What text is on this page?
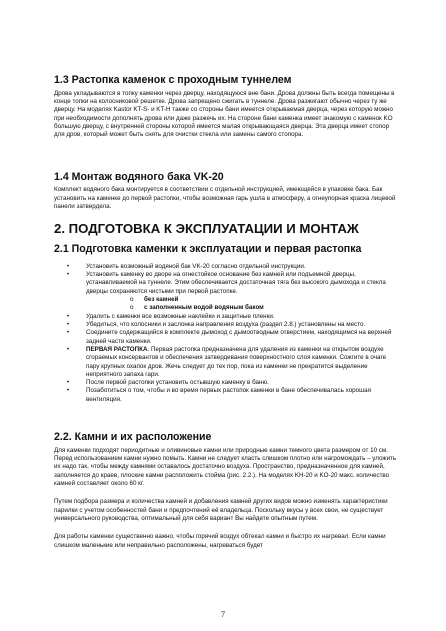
1.3 Растопка каменок с проходным туннелем

Дрова укладываются в топку каменки через дверцу, находящуюся вне бани. Дрова должны быть всегда помещены в конце топки на колосниковой решетке. Дрова запрещено сжигать в туннеле. Дрова разжигают обычно через ту же дверцу. На моделях Kastor KT-S- и KT-H также со стороны бани имеется открываемая дверца, через которую можно при необходимости дополнять дрова или даже разжечь их. На стороне бани каменка имеет знакомую с каменок KO большую дверцу, с внутренней стороны которой имеется малая открывающаяся дверца. Эта дверца имеет стопор для дров, который может быть снять для очистки стекла или замены самого стопора.

1.4 Монтаж водяного бака VK-20

Комплект водяного бака монтируется в соответствии с отдельной инструкцией, имеющейся в упаковке бака. Бак установить на каменке до первой растопки, чтобы возможная гарь ушла в атмосферу, а огнеупорная краска лицевой панели затвердела.

2. ПОДГОТОВКА К ЭКСПЛУАТАЦИИ И МОНТАЖ
2.1 Подготовка каменки к эксплуатации и первая растопка
•	Установить возможный водяной бак VK-20 согласно отдельной инструкции.
•	Установить каменку во дворе на огнестойкое основание без камней или подъемной дверцы, устанавливаемой на туннеле. Этим обеспечивается достаточная тяга без высокого дымохода и стекла дверцы сохраняются чистыми при первой растопке.
o без камней
o с заполненным водой водяным баком
•	Удалить с каменки все возможные наклейки и защитные пленки.
•	Убедиться, что колосники и заслонка направления воздуха (раздел 2.8.) установлены на место.
•	Соедините содержащийся в комплекте дымоход с дымоотводным отверстием, находящимся на верхней задней части каменки.
•	ПЕРВАЯ РАСТОПКА. Первая растопка предназначена для удаления из каменки на открытом воздухе сгораемых консервантов и обеспечения затвердевания поверхностного слоя каменки. Сожгите в очаге пару крупных охапок дров. Жечь следует до тех пор, пока из каменки не прекратится выделение неприятного запаха гари.
•	После первой растопки установить остывшую каменку в баню.
•	Позаботиться о том, чтобы и во время первых растопок каменки в бане обеспечивалась хорошая вентиляция.
2.2. Камни и их расположение

Для каменки подходят периодитные и оливиновые камни или природные камни темного цвета размером от 10 см. Перед использованием камни нужно помыть. Камни не следует класть слишком плотно или нагромождать – уложить их надо так, чтобы между камнями оставалось достаточно воздуха. Пространство, предназначенное для камней, заполняется до краев, плоские камни расположить стойма (рис. 2.2.). На моделях KH-20 и KO-20 макс. количество камней составляет около 60 кг.

Путем подбора размера и количества камней и добавления камней других видов можно изменять характеристики парилки с учетом особенностей бани и предпочтений её владельца. Поскольку вкусы у всех свои, не существует универсального руководства, оптимальный для себя вариант Вы найдете опытным путем.

Для работы каменки существенно важно, чтобы горячий воздух обтекал камни и быстро их нагревал. Если камни слишком маленькие или неправильно расположены, нагреваться будет

7
